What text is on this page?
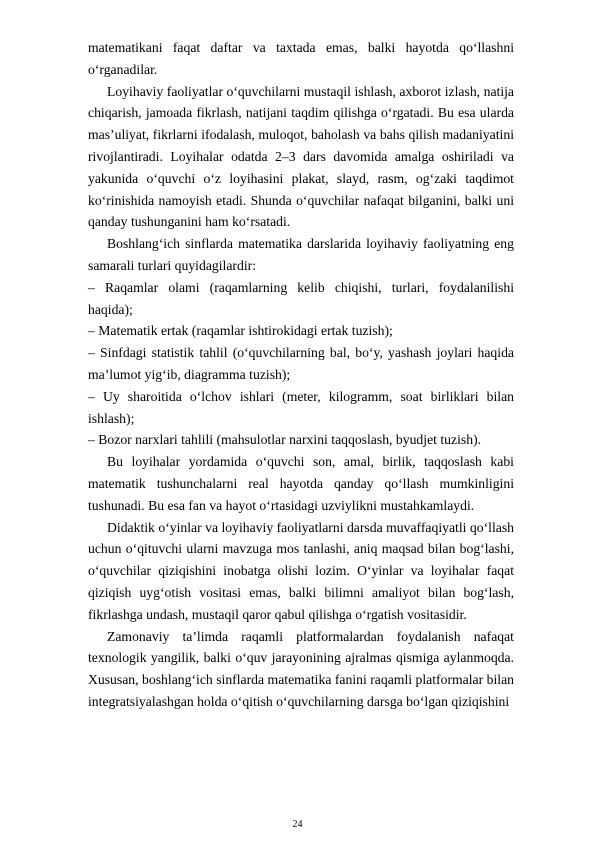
matematikani faqat daftar va taxtada emas, balki hayotda qo‘llashni o‘rganadilar.

Loyihaviy faoliyatlar o‘quvchilarni mustaqil ishlash, axborot izlash, natija chiqarish, jamoada fikrlash, natijani taqdim qilishga o‘rgatadi. Bu esa ularda mas’uliyat, fikrlarni ifodalash, muloqot, baholash va bahs qilish madaniyatini rivojlantiradi. Loyihalar odatda 2–3 dars davomida amalga oshiriladi va yakunida o‘quvchi o‘z loyihasini plakat, slayd, rasm, og‘zaki taqdimot ko‘rinishida namoyish etadi. Shunda o‘quvchilar nafaqat bilganini, balki uni qanday tushunganini ham ko‘rsatadi.

Boshlang‘ich sinflarda matematika darslarida loyihaviy faoliyatning eng samarali turlari quyidagilardir:

– Raqamlar olami (raqamlarning kelib chiqishi, turlari, foydalanilishi haqida);

– Matematik ertak (raqamlar ishtirokidagi ertak tuzish);

– Sinfdagi statistik tahlil (o‘quvchilarning bal, bo‘y, yashash joylari haqida ma’lumot yig‘ib, diagramma tuzish);

– Uy sharoitida o‘lchov ishlari (meter, kilogramm, soat birliklari bilan ishlash);

– Bozor narxlari tahlili (mahsulotlar narxini taqqoslash, byudjet tuzish).

Bu loyihalar yordamida o‘quvchi son, amal, birlik, taqqoslash kabi matematik tushunchalarni real hayotda qanday qo‘llash mumkinligini tushunadi. Bu esa fan va hayot o‘rtasidagi uzviylikni mustahkamlaydi.

Didaktik o‘yinlar va loyihaviy faoliyatlarni darsda muvaffaqiyatli qo‘llash uchun o‘qituvchi ularni mavzuga mos tanlashi, aniq maqsad bilan bog‘lashi, o‘quvchilar qiziqishini inobatga olishi lozim. O‘yinlar va loyihalar faqat qiziqish uyg‘otish vositasi emas, balki bilimni amaliyot bilan bog‘lash, fikrlashga undash, mustaqil qaror qabul qilishga o‘rgatish vositasidir.

Zamonaviy ta’limda raqamli platformalardan foydalanish nafaqat texnologik yangilik, balki o‘quv jarayonining ajralmas qismiga aylanmoqda. Xususan, boshlang‘ich sinflarda matematika fanini raqamli platformalar bilan integratsiyalashgan holda o‘qitish o‘quvchilarning darsga bo‘lgan qiziqishini

24
